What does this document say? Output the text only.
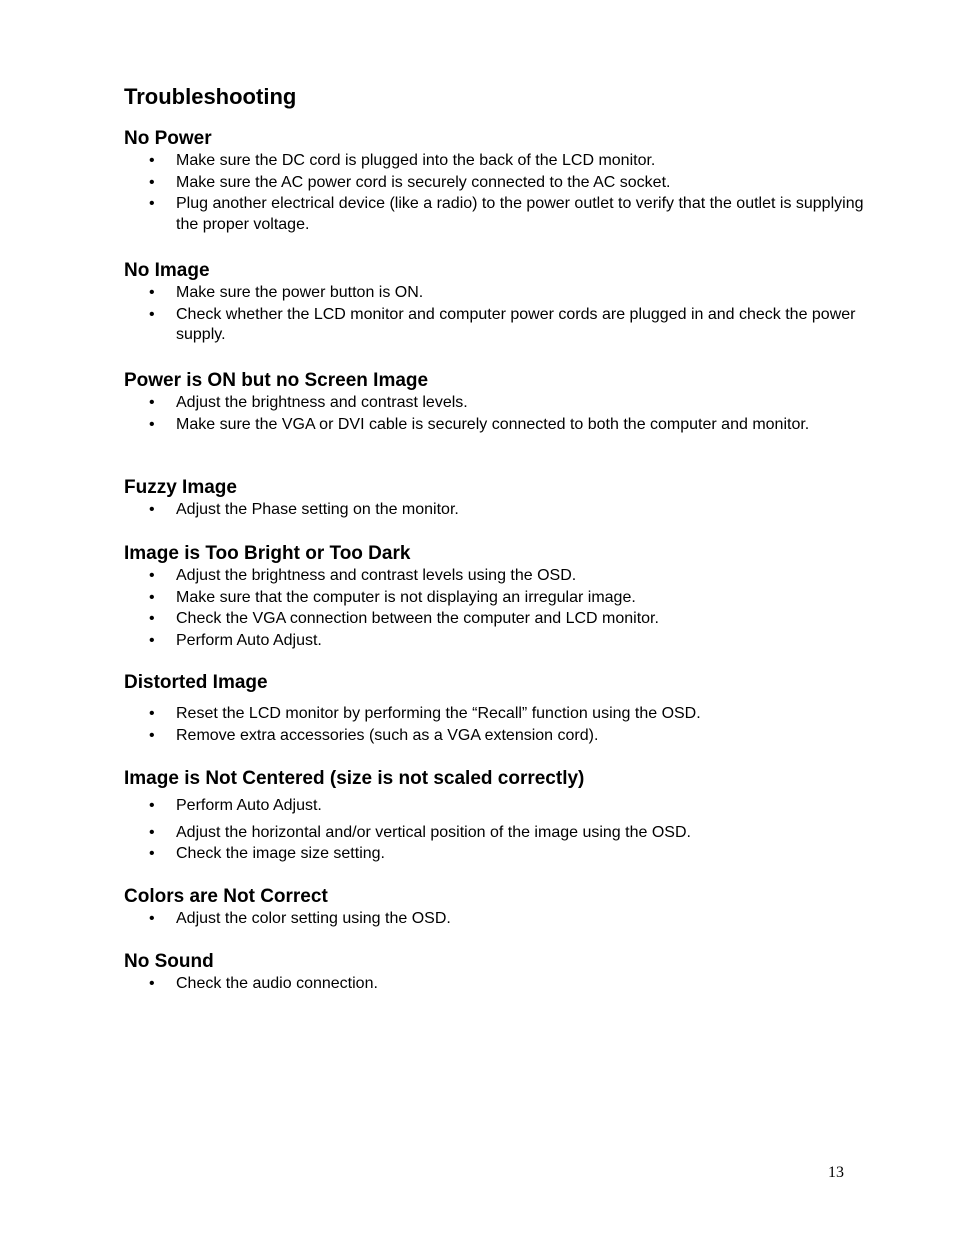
Troubleshooting
No Power
• Make sure the DC cord is plugged into the back of the LCD monitor.
• Make sure the AC power cord is securely connected to the AC socket.
• Plug another electrical device (like a radio) to the power outlet to verify that the outlet is supplying the proper voltage.
No Image
• Make sure the power button is ON.
• Check whether the LCD monitor and computer power cords are plugged in and check the power supply.
Power is ON but no Screen Image
• Adjust the brightness and contrast levels.
• Make sure the VGA or DVI cable is securely connected to both the computer and monitor.
Fuzzy Image
• Adjust the Phase setting on the monitor.
Image is Too Bright or Too Dark
• Adjust the brightness and contrast levels using the OSD.
• Make sure that the computer is not displaying an irregular image.
• Check the VGA connection between the computer and LCD monitor.
• Perform Auto Adjust.
Distorted Image
• Reset the LCD monitor by performing the “Recall” function using the OSD.
• Remove extra accessories (such as a VGA extension cord).
Image is Not Centered (size is not scaled correctly)
• Perform Auto Adjust.
• Adjust the horizontal and/or vertical position of the image using the OSD.
• Check the image size setting.
Colors are Not Correct
• Adjust the color setting using the OSD.
No Sound
• Check the audio connection.
13
